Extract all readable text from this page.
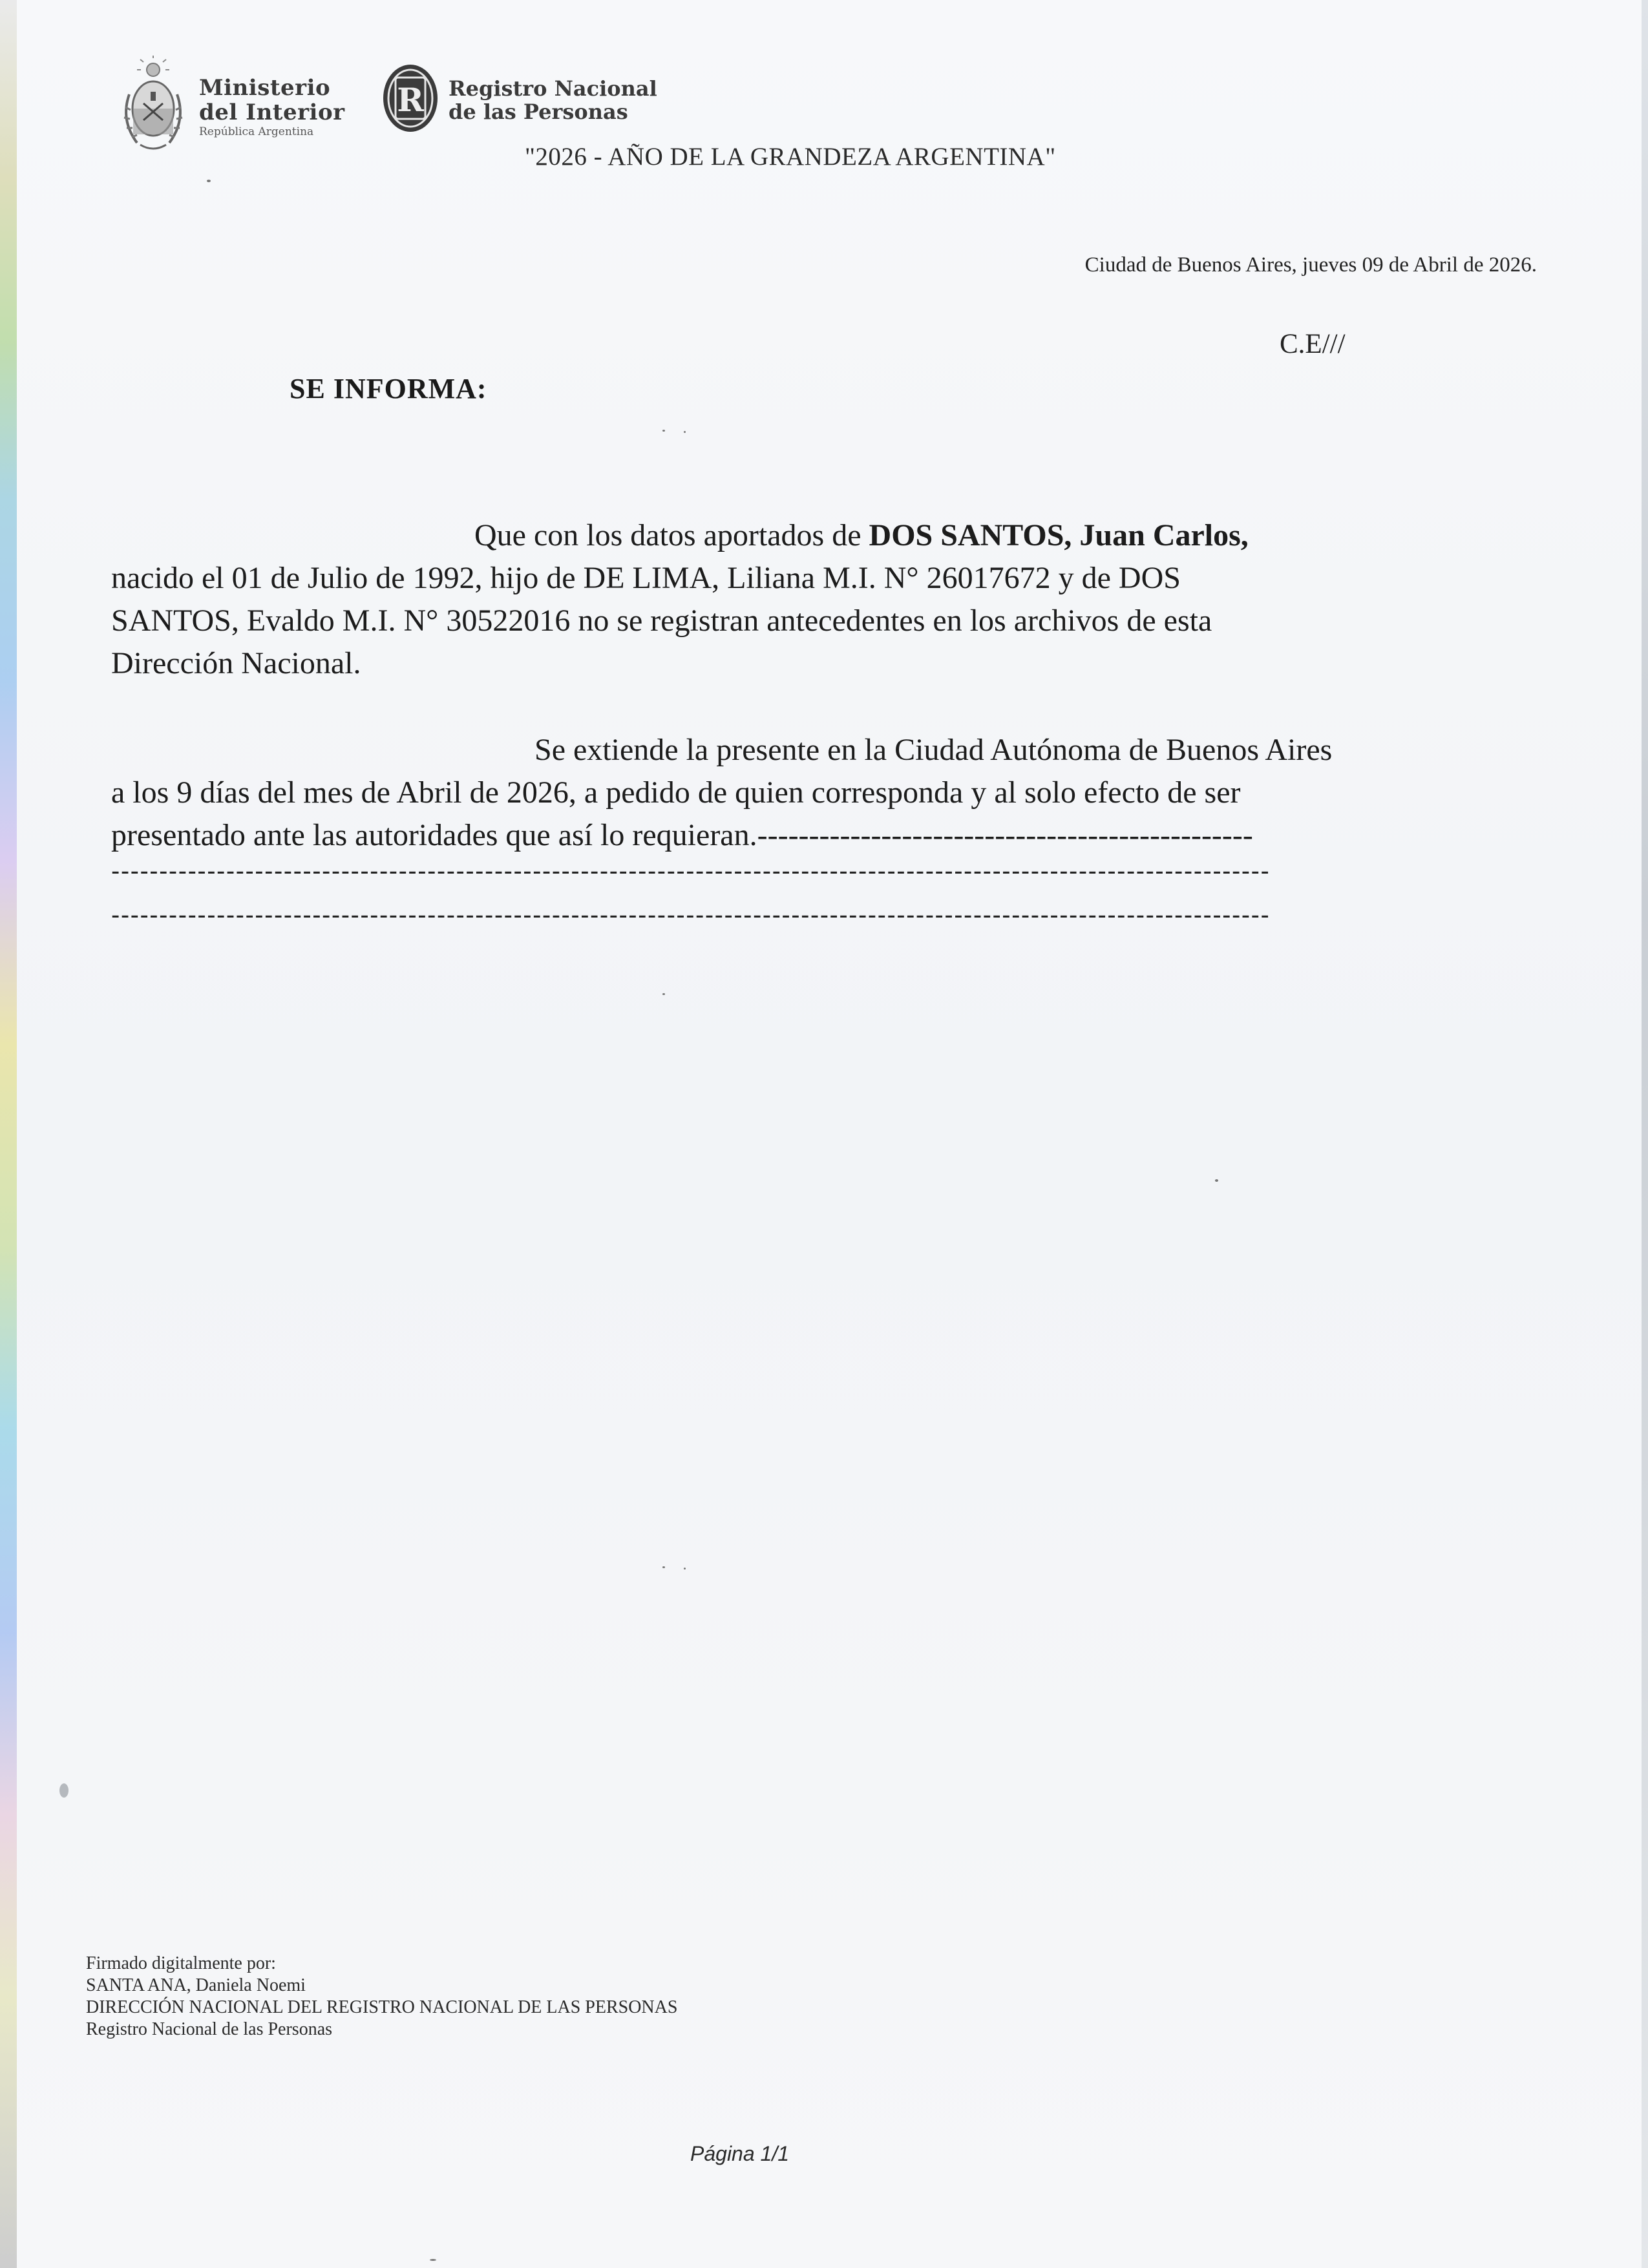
Ministerio
del Interior
República Argentina
R Registro Nacional
de las Personas
"2026 - AÑO DE LA GRANDEZA ARGENTINA"
Ciudad de Buenos Aires, jueves 09 de Abril de 2026.
C.E///
SE INFORMA:
Que con los datos aportados de DOS SANTOS, Juan Carlos,
nacido el 01 de Julio de 1992, hijo de DE LIMA, Liliana M.I. N° 26017672 y de DOS
SANTOS, Evaldo M.I. N° 30522016 no se registran antecedentes en los archivos de esta
Dirección Nacional.
Se extiende la presente en la Ciudad Autónoma de Buenos Aires
a los 9 días del mes de Abril de 2026, a pedido de quien corresponda y al solo efecto de ser
presentado ante las autoridades que así lo requieran.------------------------------------------------
-------------------------------------------------------------------------------------------------------------------------
-------------------------------------------------------------------------------------------------------------------------
Firmado digitalmente por:
SANTA ANA, Daniela Noemi
DIRECCIÓN NACIONAL DEL REGISTRO NACIONAL DE LAS PERSONAS
Registro Nacional de las Personas
Página 1/1
